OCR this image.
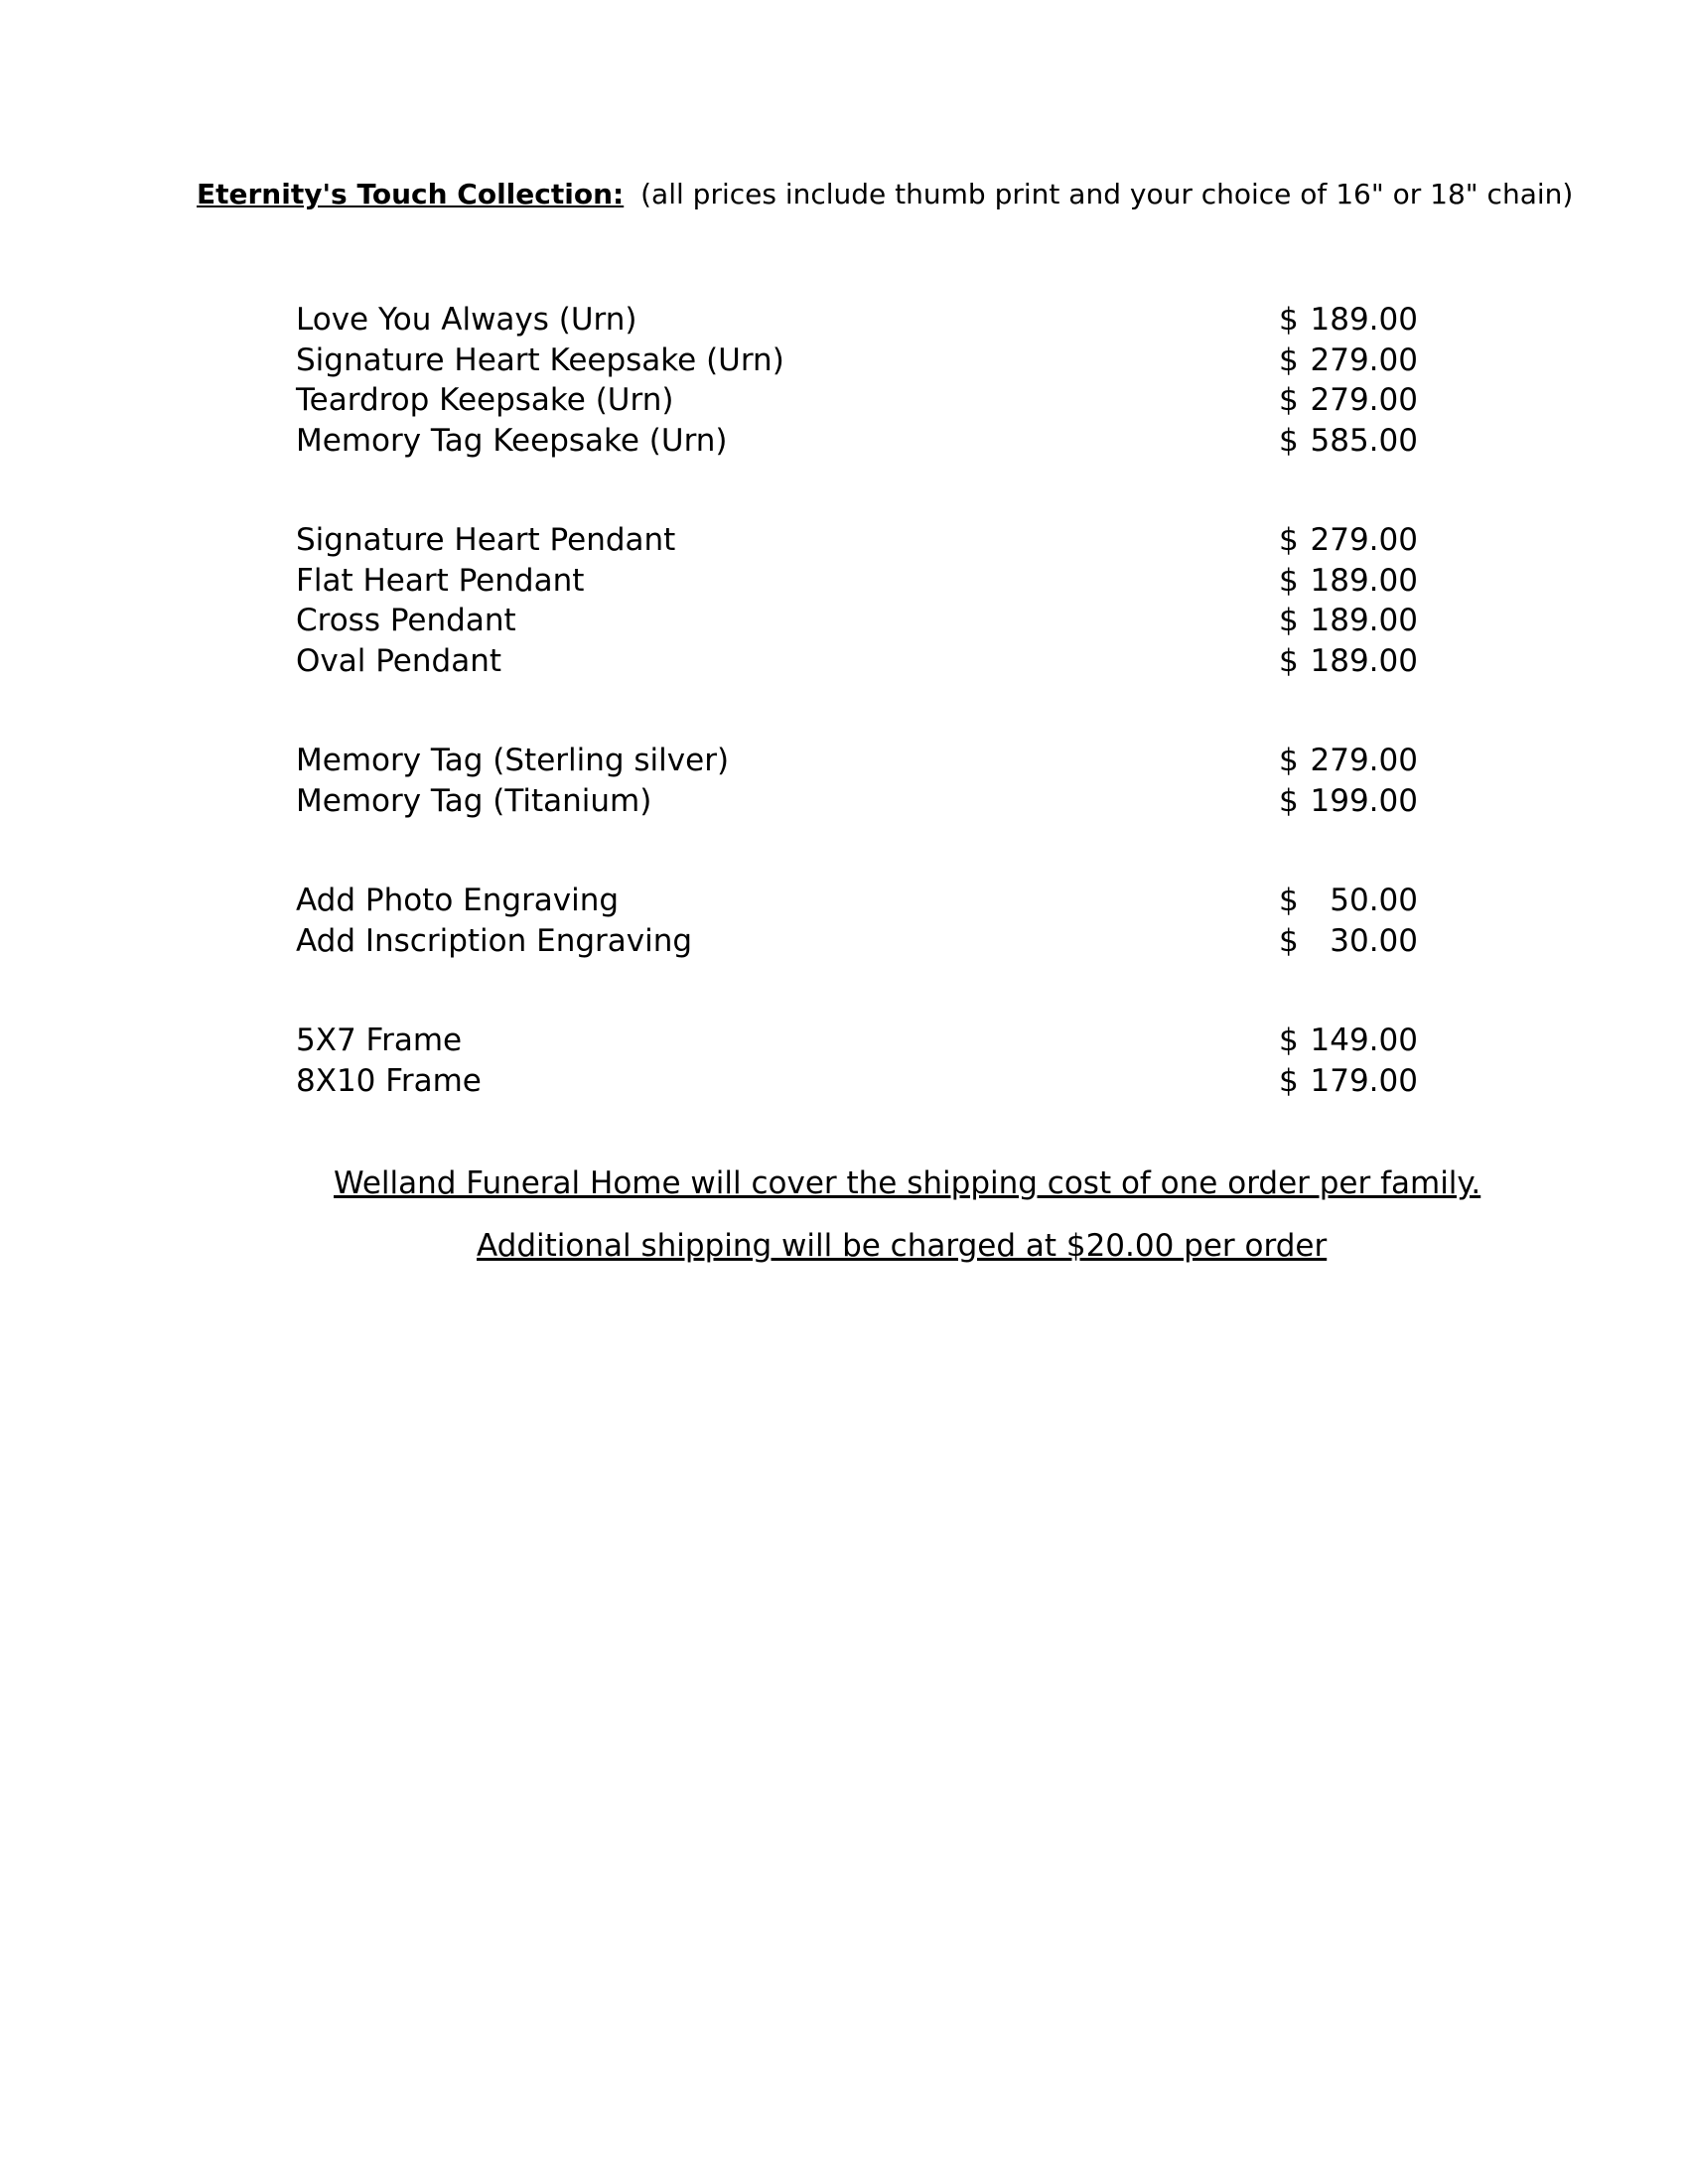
Eternity's Touch Collection: (all prices include thumb print and your choice of 16" or 18" chain)
Love You Always (Urn)	$ 189.00
Signature Heart Keepsake (Urn)	$ 279.00
Teardrop Keepsake (Urn)	$ 279.00
Memory Tag Keepsake (Urn)	$ 585.00
Signature Heart Pendant	$ 279.00
Flat Heart Pendant	$ 189.00
Cross Pendant	$ 189.00
Oval Pendant	$ 189.00
Memory Tag (Sterling silver)	$ 279.00
Memory Tag (Titanium)	$ 199.00
Add Photo Engraving	$ 50.00
Add Inscription Engraving	$ 30.00
5X7 Frame	$ 149.00
8X10 Frame	$ 179.00
Welland Funeral Home will cover the shipping cost of one order per family.
Additional shipping will be charged at $20.00 per order
